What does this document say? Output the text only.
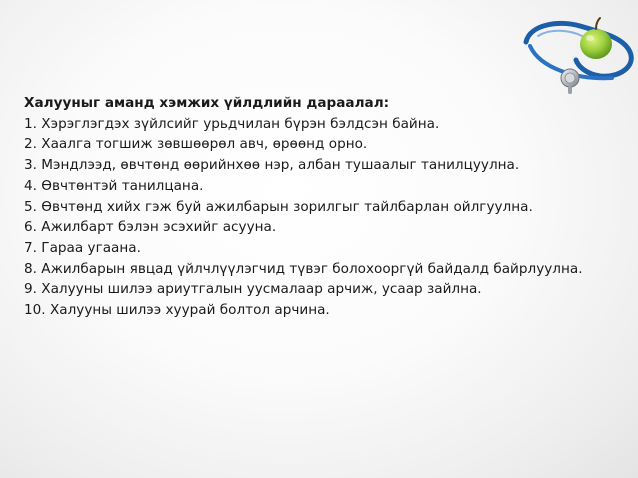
Халууныг аманд хэмжих үйлдлийн дараалал:
1. Хэрэглэгдэх зүйлсийг урьдчилан бүрэн бэлдсэн байна.
2. Хаалга тогшиж зөвшөөрөл авч, өрөөнд орно.
3. Мэндлээд, өвчтөнд өөрийнхөө нэр, албан тушаалыг танилцуулна.
4. Өвчтөнтэй танилцана.
5. Өвчтөнд хийх гэж буй ажилбарын зорилгыг тайлбарлан ойлгуулна.
6. Ажилбарт бэлэн эсэхийг асууна.
7. Гараа угаана.
8. Ажилбарын явцад үйлчлүүлэгчид түвэг болохооргүй байдалд байрлуулна.
9. Халууны шилээ ариутгалын уусмалаар арчиж, усаар зайлна.
10. Халууны шилээ хуурай болтол арчина.
